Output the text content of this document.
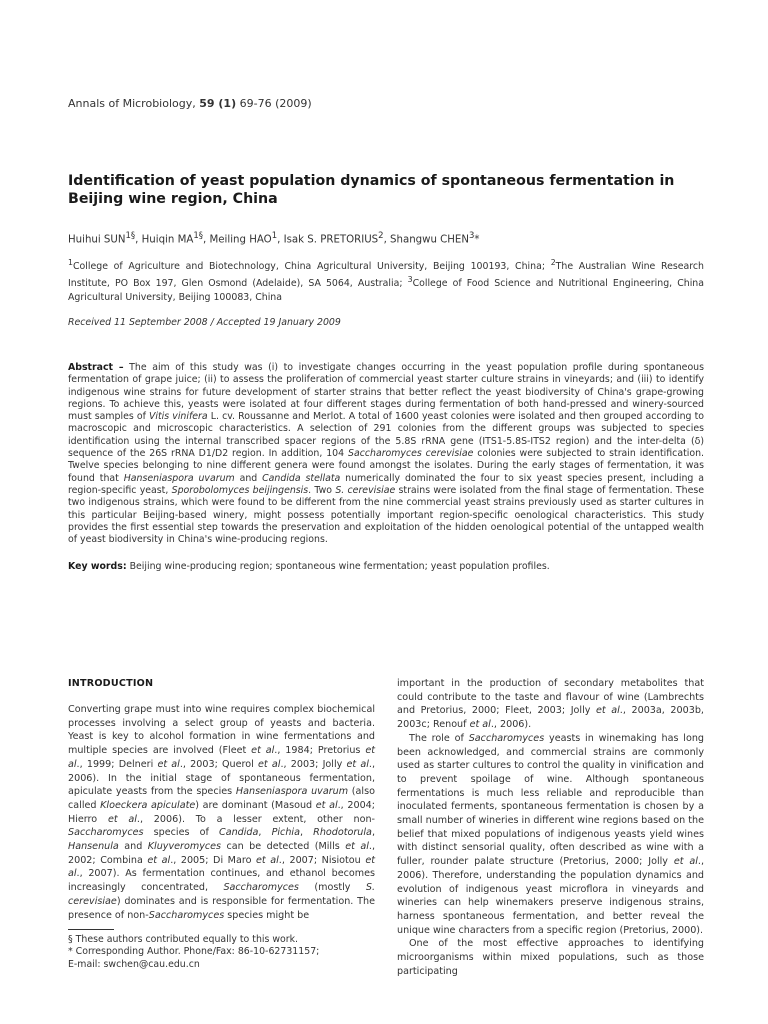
Annals of Microbiology, 59 (1) 69-76 (2009)
Identification of yeast population dynamics of spontaneous fermentation in Beijing wine region, China
Huihui $SUN^{1\S}$, Huiqin $MA^{1\S}$, Meiling HAO$^1$, Isak S. PRETORIUS$^2$, Shangwu CHEN$^3$*
$^1$College of Agriculture and Biotechnology, China Agricultural University, Beijing 100193, China; $^2$The Australian Wine Research Institute, PO Box 197, Glen Osmond (Adelaide), SA 5064, Australia; $^3$College of Food Science and Nutritional Engineering, China Agricultural University, Beijing 100083, China
Received 11 September 2008 / Accepted 19 January 2009
Abstract – The aim of this study was (i) to investigate changes occurring in the yeast population profile during spontaneous fermentation of grape juice; (ii) to assess the proliferation of commercial yeast starter culture strains in vineyards; and (iii) to identify indigenous wine strains for future development of starter strains that better reflect the yeast biodiversity of China's grape-growing regions. To achieve this, yeasts were isolated at four different stages during fermentation of both hand-pressed and winery-sourced must samples of Vitis vinifera L. cv. Roussanne and Merlot. A total of 1600 yeast colonies were isolated and then grouped according to macroscopic and microscopic characteristics. A selection of 291 colonies from the different groups was subjected to species identification using the internal transcribed spacer regions of the 5.8S rRNA gene (ITS1-5.8S-ITS2 region) and the inter-delta (δ) sequence of the 26S rRNA D1/D2 region. In addition, 104 Saccharomyces cerevisiae colonies were subjected to strain identification. Twelve species belonging to nine different genera were found amongst the isolates. During the early stages of fermentation, it was found that Hanseniaspora uvarum and Candida stellata numerically dominated the four to six yeast species present, including a region-specific yeast, Sporobolomyces beijingensis. Two S. cerevisiae strains were isolated from the final stage of fermentation. These two indigenous strains, which were found to be different from the nine commercial yeast strains previously used as starter cultures in this particular Beijing-based winery, might possess potentially important region-specific oenological characteristics. This study provides the first essential step towards the preservation and exploitation of the hidden oenological potential of the untapped wealth of yeast biodiversity in China's wine-producing regions.
Key words: Beijing wine-producing region; spontaneous wine fermentation; yeast population profiles.
INTRODUCTION

Converting grape must into wine requires complex biochemical processes involving a select group of yeasts and bacteria. Yeast is key to alcohol formation in wine fermentations and multiple species are involved (Fleet et al., 1984; Pretorius et al., 1999; Delneri et al., 2003; Querol et al., 2003; Jolly et al., 2006). In the initial stage of spontaneous fermentation, apiculate yeasts from the species Hanseniaspora uvarum (also called Kloeckera apiculate) are dominant (Masoud et al., 2004; Hierro et al., 2006). To a lesser extent, other non-Saccharomyces species of Candida, Pichia, Rhodotorula, Hansenula and Kluyveromyces can be detected (Mills et al., 2002; Combina et al., 2005; Di Maro et al., 2007; Nisiotou et al., 2007). As fermentation continues, and ethanol becomes increasingly concentrated, Saccharomyces (mostly S. cerevisiae) dominates and is responsible for fermentation. The presence of non-Saccharomyces species might be

important in the production of secondary metabolites that could contribute to the taste and flavour of wine (Lambrechts and Pretorius, 2000; Fleet, 2003; Jolly et al., 2003a, 2003b, 2003c; Renouf et al., 2006).

The role of Saccharomyces yeasts in winemaking has long been acknowledged, and commercial strains are commonly used as starter cultures to control the quality in vinification and to prevent spoilage of wine. Although spontaneous fermentations is much less reliable and reproducible than inoculated ferments, spontaneous fermentation is chosen by a small number of wineries in different wine regions based on the belief that mixed populations of indigenous yeasts yield wines with distinct sensorial quality, often described as wine with a fuller, rounder palate structure (Pretorius, 2000; Jolly et al., 2006). Therefore, understanding the population dynamics and evolution of indigenous yeast microflora in vineyards and wineries can help winemakers preserve indigenous strains, harness spontaneous fermentation, and better reveal the unique wine characters from a specific region (Pretorius, 2000).

One of the most effective approaches to identifying microorganisms within mixed populations, such as those participating

§ These authors contributed equally to this work.

* Corresponding Author. Phone/Fax: 86-10-62731157;

E-mail: swchen@cau.edu.cn
